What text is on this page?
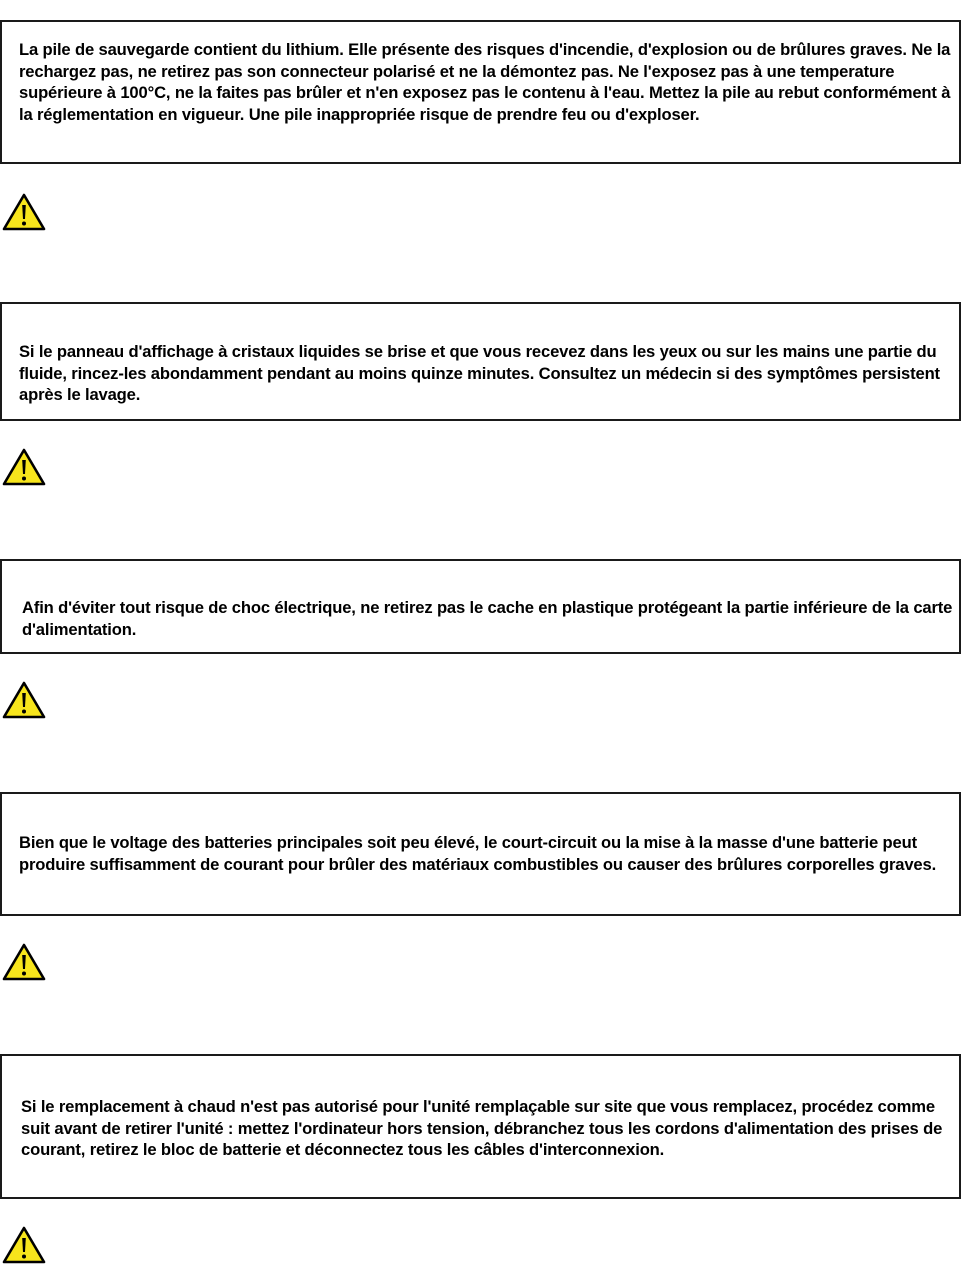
La pile de sauvegarde contient du lithium. Elle présente des risques d'incendie, d'explosion ou de brûlures graves. Ne la rechargez pas, ne retirez pas son connecteur polarisé et ne la démontez pas. Ne l'exposez pas à une temperature supérieure à 100°C, ne la faites pas brûler et n'en exposez pas le contenu à l'eau. Mettez la pile au rebut conformément à la réglementation en vigueur. Une pile inappropriée risque de prendre feu ou d'exploser.

Si le panneau d'affichage à cristaux liquides se brise et que vous recevez dans les yeux ou sur les mains une partie du fluide, rincez-les abondamment pendant au moins quinze minutes. Consultez un médecin si des symptômes persistent après le lavage.

Afin d'éviter tout risque de choc électrique, ne retirez pas le cache en plastique protégeant la partie inférieure de la carte d'alimentation.

Bien que le voltage des batteries principales soit peu élevé, le court-circuit ou la mise à la masse d'une batterie peut produire suffisamment de courant pour brûler des matériaux combustibles ou causer des brûlures corporelles graves.

Si le remplacement à chaud n'est pas autorisé pour l'unité remplaçable sur site que vous remplacez, procédez comme suit avant de retirer l'unité : mettez l'ordinateur hors tension, débranchez tous les cordons d'alimentation des prises de courant, retirez le bloc de batterie et déconnectez tous les câbles d'interconnexion.
